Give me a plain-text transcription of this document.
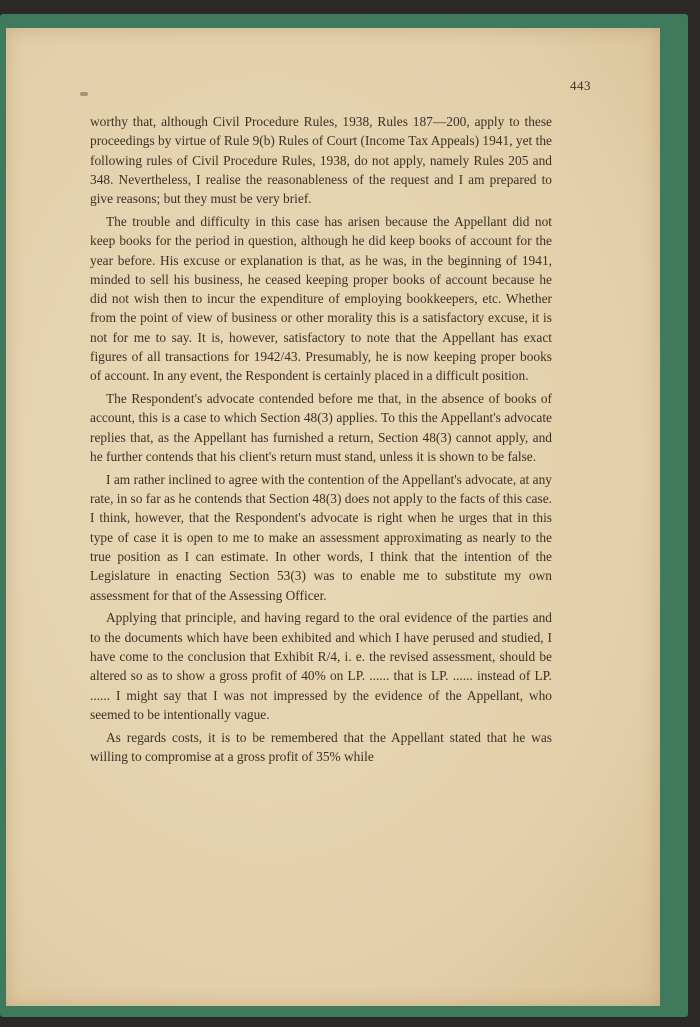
443

worthy that, although Civil Procedure Rules, 1938, Rules 187—200, apply to these proceedings by virtue of Rule 9(b) Rules of Court (Income Tax Appeals) 1941, yet the following rules of Civil Procedure Rules, 1938, do not apply, namely Rules 205 and 348. Nevertheless, I realise the reasonableness of the request and I am prepared to give reasons; but they must be very brief.

The trouble and difficulty in this case has arisen because the Appellant did not keep books for the period in question, although he did keep books of account for the year before. His excuse or explanation is that, as he was, in the beginning of 1941, minded to sell his business, he ceased keeping proper books of account because he did not wish then to incur the expenditure of employing bookkeepers, etc. Whether from the point of view of business or other morality this is a satisfactory excuse, it is not for me to say. It is, however, satisfactory to note that the Appellant has exact figures of all transactions for 1942/43. Presumably, he is now keeping proper books of account. In any event, the Respondent is certainly placed in a difficult position.

The Respondent's advocate contended before me that, in the absence of books of account, this is a case to which Section 48(3) applies. To this the Appellant's advocate replies that, as the Appellant has furnished a return, Section 48(3) cannot apply, and he further contends that his client's return must stand, unless it is shown to be false.

I am rather inclined to agree with the contention of the Appellant's advocate, at any rate, in so far as he contends that Section 48(3) does not apply to the facts of this case. I think, however, that the Respondent's advocate is right when he urges that in this type of case it is open to me to make an assessment approximating as nearly to the true position as I can estimate. In other words, I think that the intention of the Legislature in enacting Section 53(3) was to enable me to substitute my own assessment for that of the Assessing Officer.

Applying that principle, and having regard to the oral evidence of the parties and to the documents which have been exhibited and which I have perused and studied, I have come to the conclusion that Exhibit R/4, i. e. the revised assessment, should be altered so as to show a gross profit of 40% on LP. ...... that is LP. ...... instead of LP. ...... I might say that I was not impressed by the evidence of the Appellant, who seemed to be intentionally vague.

As regards costs, it is to be remembered that the Appellant stated that he was willing to compromise at a gross profit of 35% while
